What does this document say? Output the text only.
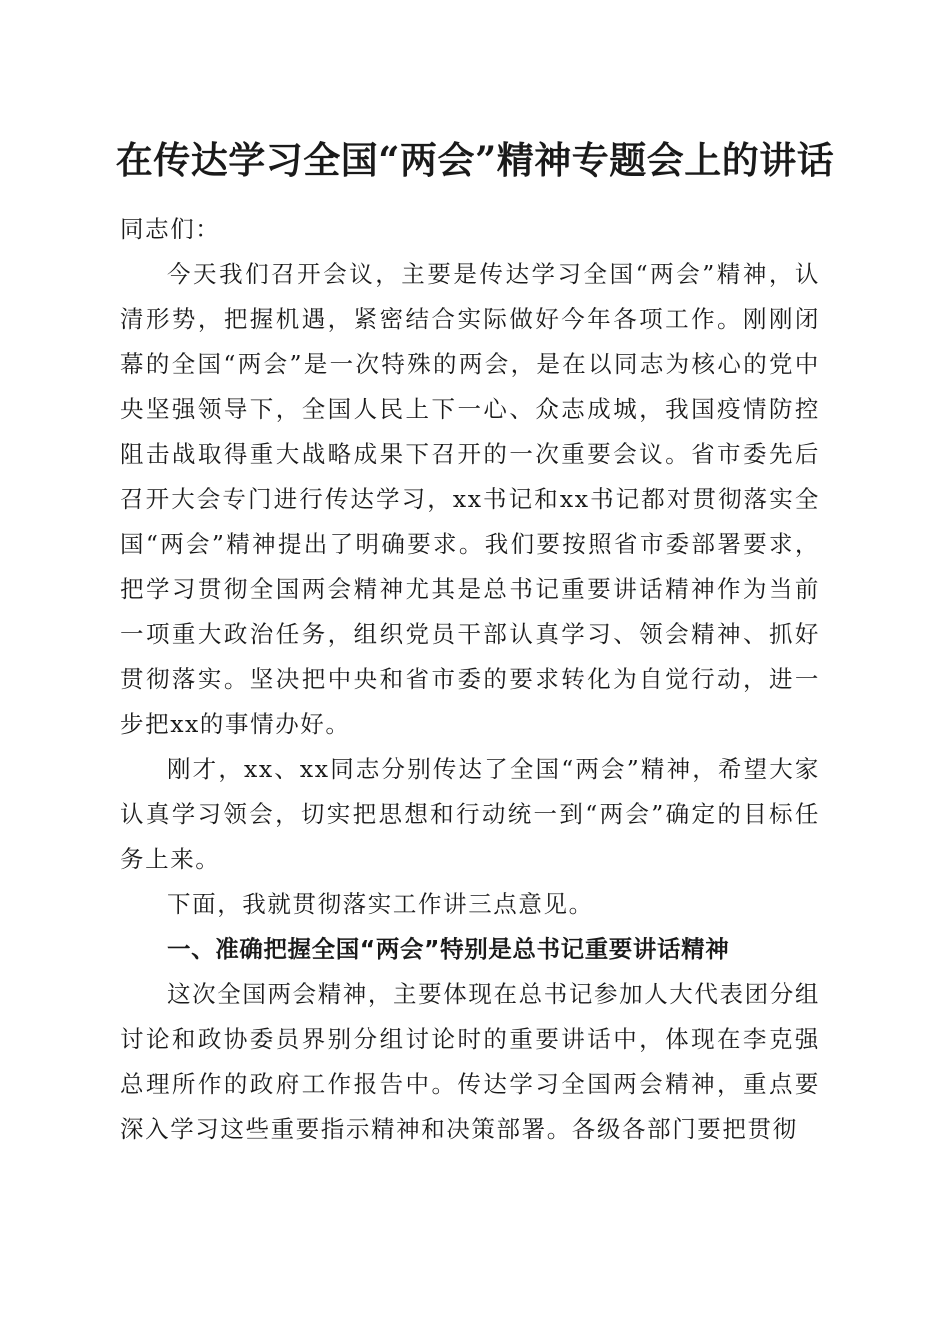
在传达学习全国“两会”精神专题会上的讲话

同志们：

今天我们召开会议，主要是传达学习全国“两会”精神，认清形势，把握机遇，紧密结合实际做好今年各项工作。刚刚闭幕的全国“两会”是一次特殊的两会，是在以同志为核心的党中央坚强领导下，全国人民上下一心、众志成城，我国疫情防控阻击战取得重大战略成果下召开的一次重要会议。省市委先后召开大会专门进行传达学习，xx书记和xx书记都对贯彻落实全国“两会”精神提出了明确要求。我们要按照省市委部署要求，把学习贯彻全国两会精神尤其是总书记重要讲话精神作为当前一项重大政治任务，组织党员干部认真学习、领会精神、抓好贯彻落实。坚决把中央和省市委的要求转化为自觉行动，进一步把xx的事情办好。

刚才，xx、xx同志分别传达了全国“两会”精神，希望大家认真学习领会，切实把思想和行动统一到“两会”确定的目标任务上来。

下面，我就贯彻落实工作讲三点意见。

一、准确把握全国“两会”特别是总书记重要讲话精神

这次全国两会精神，主要体现在总书记参加人大代表团分组讨论和政协委员界别分组讨论时的重要讲话中，体现在李克强总理所作的政府工作报告中。传达学习全国两会精神，重点要深入学习这些重要指示精神和决策部署。各级各部门要把贯彻
